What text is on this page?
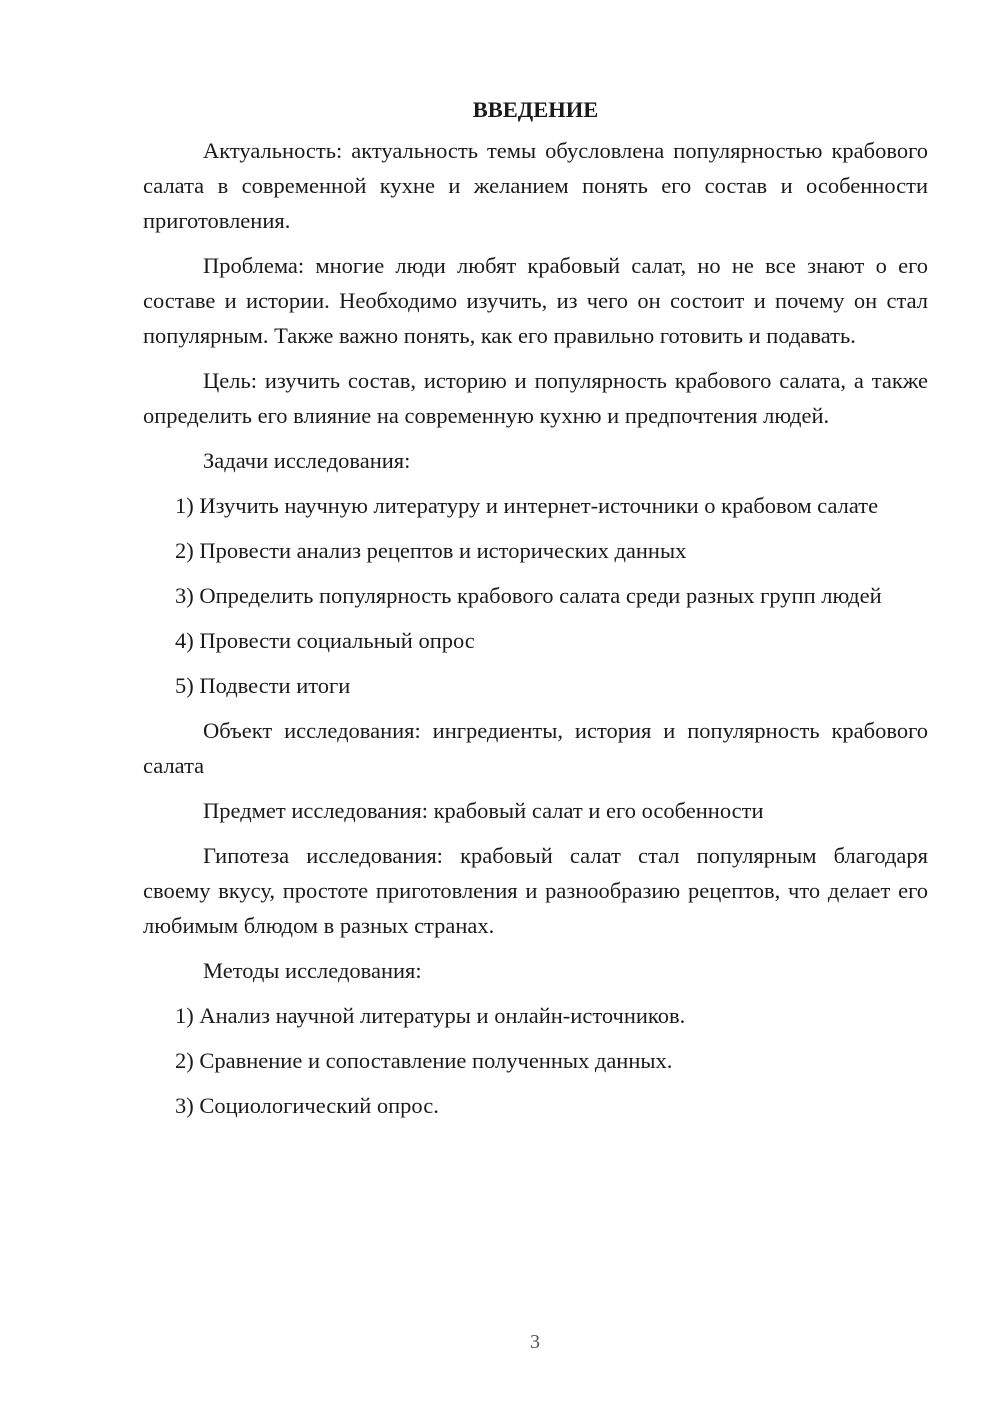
ВВЕДЕНИЕ

Актуальность: актуальность темы обусловлена популярностью крабового салата в современной кухне и желанием понять его состав и особенности приготовления.

Проблема: многие люди любят крабовый салат, но не все знают о его составе и истории. Необходимо изучить, из чего он состоит и почему он стал популярным. Также важно понять, как его правильно готовить и подавать.

Цель: изучить состав, историю и популярность крабового салата, а также определить его влияние на современную кухню и предпочтения людей.

Задачи исследования:

1) Изучить научную литературу и интернет-источники о крабовом салате

2) Провести анализ рецептов и исторических данных

3) Определить популярность крабового салата среди разных групп людей

4) Провести социальный опрос

5) Подвести итоги

Объект исследования: ингредиенты, история и популярность крабового салата

Предмет исследования: крабовый салат и его особенности

Гипотеза исследования: крабовый салат стал популярным благодаря своему вкусу, простоте приготовления и разнообразию рецептов, что делает его любимым блюдом в разных странах.

Методы исследования:

1) Анализ научной литературы и онлайн-источников.

2) Сравнение и сопоставление полученных данных.

3) Социологический опрос.

3
